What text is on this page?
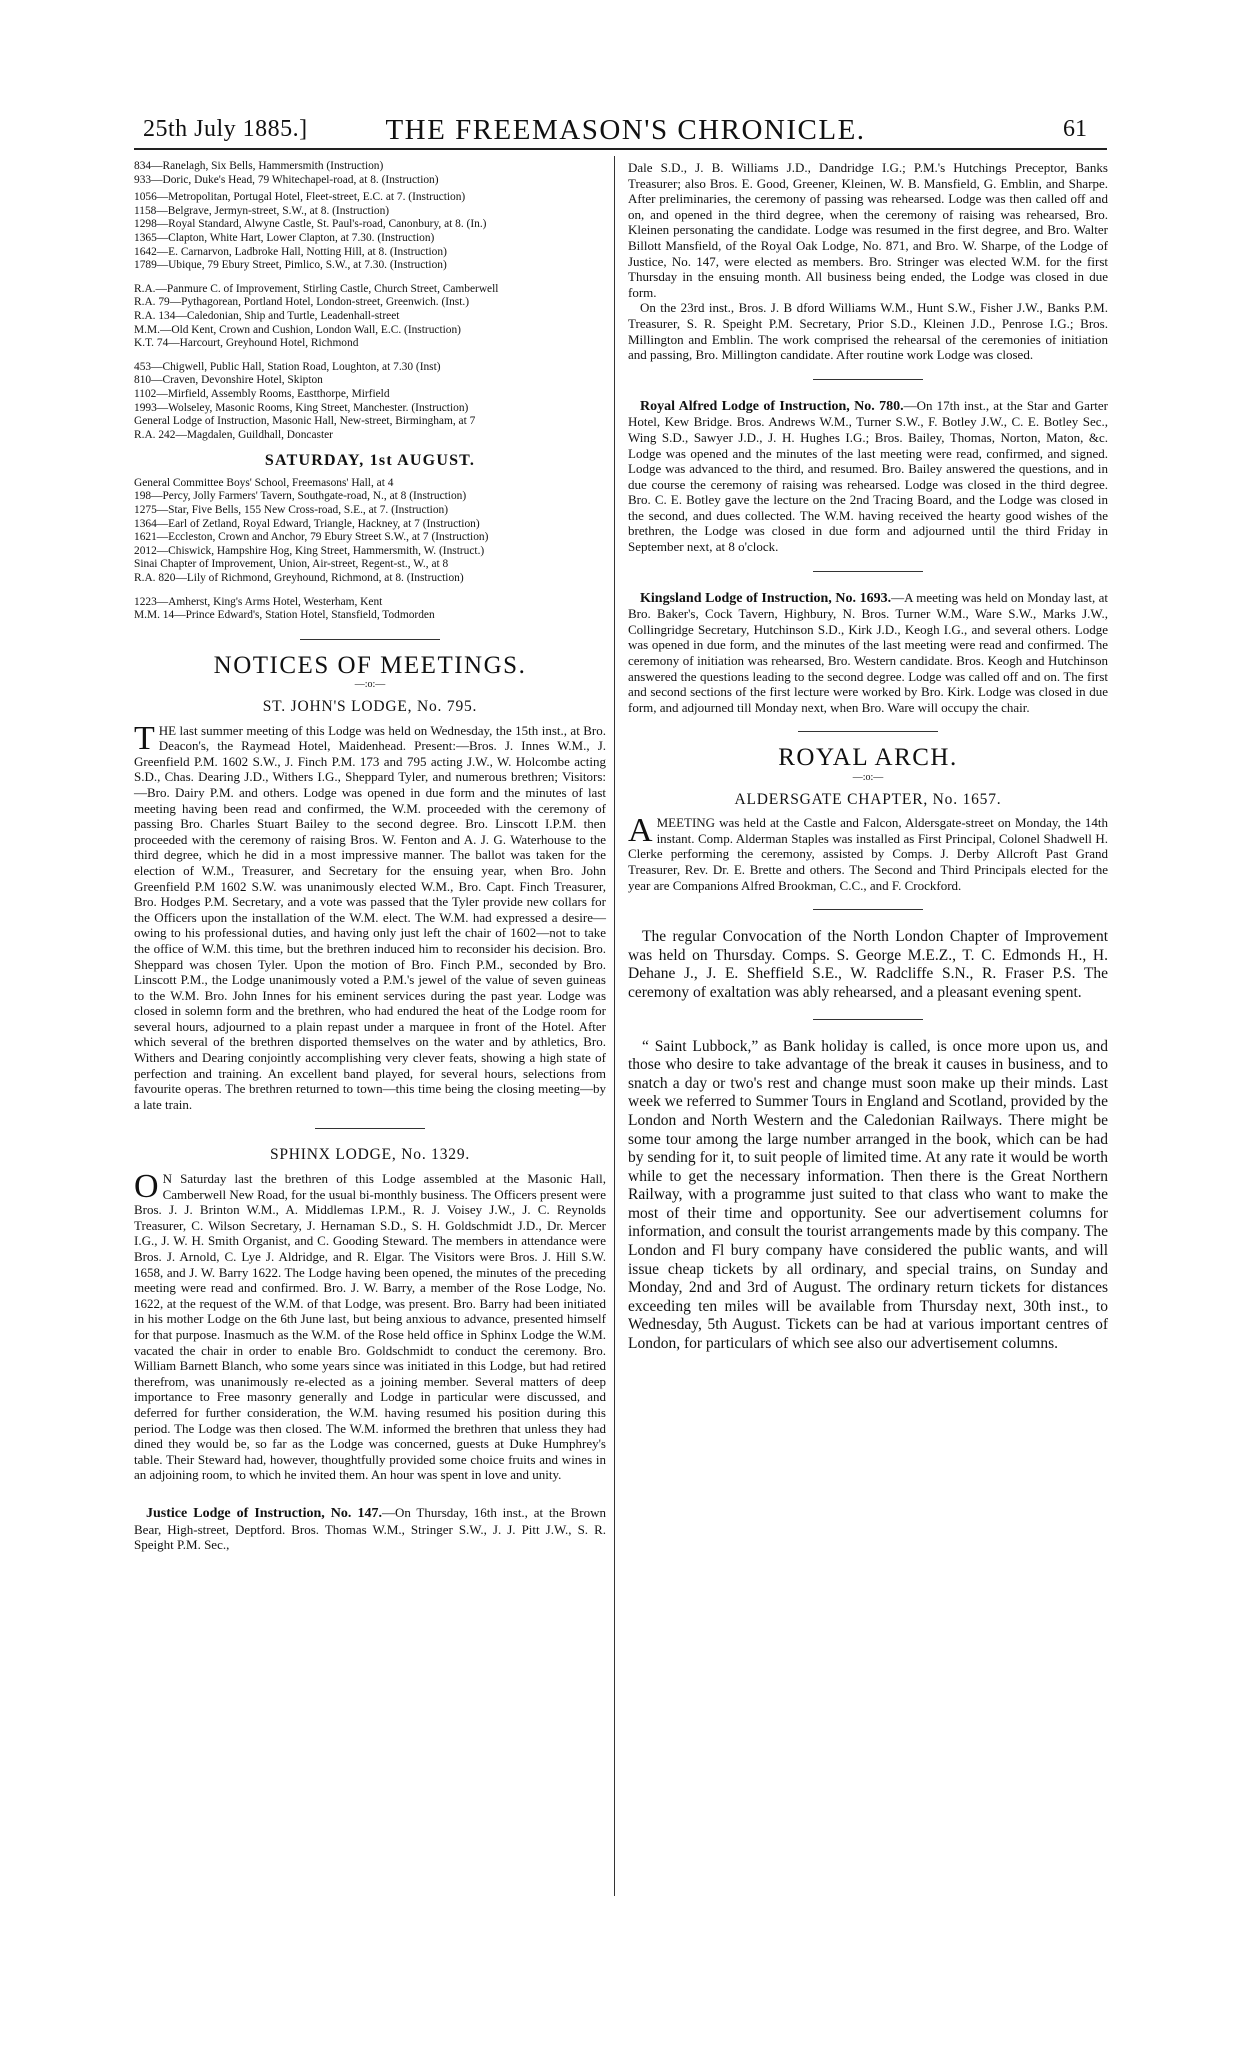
25th July 1885.]	THE FREEMASON'S CHRONICLE.	61
834—Ranelagh, Six Bells, Hammersmith (Instruction)
933—Doric, Duke's Head, 79 Whitechapel-road, at 8. (Instruction)
1056—Metropolitan, Portugal Hotel, Fleet-street, E.C. at 7. (Instruction)
1158—Belgrave, Jermyn-street, S.W., at 8. (Instruction)
1298—Royal Standard, Alwyne Castle, St. Paul's-road, Canonbury, at 8. (In.)
1365—Clapton, White Hart, Lower Clapton, at 7.30. (Instruction)
1642—E. Carnarvon, Ladbroke Hall, Notting Hill, at 8. (Instruction)
1789—Ubique, 79 Ebury Street, Pimlico, S.W., at 7.30. (Instruction)
R.A.—Panmure C. of Improvement, Stirling Castle, Church Street, Camberwell
R.A. 79—Pythagorean, Portland Hotel, London-street, Greenwich. (Inst.)
R.A. 134—Caledonian, Ship and Turtle, Leadenhall-street
M.M.—Old Kent, Crown and Cushion, London Wall, E.C. (Instruction)
K.T. 74—Harcourt, Greyhound Hotel, Richmond
453—Chigwell, Public Hall, Station Road, Loughton, at 7.30 (Inst)
810—Craven, Devonshire Hotel, Skipton
1102—Mirfield, Assembly Rooms, Eastthorpe, Mirfield
1993—Wolseley, Masonic Rooms, King Street, Manchester. (Instruction)
General Lodge of Instruction, Masonic Hall, New-street, Birmingham, at 7
R.A. 242—Magdalen, Guildhall, Doncaster
SATURDAY, 1st AUGUST.
General Committee Boys' School, Freemasons' Hall, at 4
198—Percy, Jolly Farmers' Tavern, Southgate-road, N., at 8 (Instruction)
1275—Star, Five Bells, 155 New Cross-road, S.E., at 7. (Instruction)
1364—Earl of Zetland, Royal Edward, Triangle, Hackney, at 7 (Instruction)
1621—Eccleston, Crown and Anchor, 79 Ebury Street S.W., at 7 (Instruction)
2012—Chiswick, Hampshire Hog, King Street, Hammersmith, W. (Instruct.)
Sinai Chapter of Improvement, Union, Air-street, Regent-st., W., at 8
R.A. 820—Lily of Richmond, Greyhound, Richmond, at 8. (Instruction)
1223—Amherst, King's Arms Hotel, Westerham, Kent
M.M. 14—Prince Edward's, Station Hotel, Stansfield, Todmorden
NOTICES OF MEETINGS.
—:o:—
ST. JOHN'S LODGE, No. 795.

THE last summer meeting of this Lodge was held on Wednesday, the 15th inst., at Bro. Deacon's, the Raymead Hotel, Maidenhead. Present:—Bros. J. Innes W.M., J. Greenfield P.M. 1602 S.W., J. Finch P.M. 173 and 795 acting J.W., W. Holcombe acting S.D., Chas. Dearing J.D., Withers I.G., Sheppard Tyler, and numerous brethren; Visitors:—Bro. Dairy P.M. and others. Lodge was opened in due form and the minutes of last meeting having been read and confirmed, the W.M. proceeded with the ceremony of passing Bro. Charles Stuart Bailey to the second degree. Bro. Linscott I.P.M. then proceeded with the ceremony of raising Bros. W. Fenton and A. J. G. Waterhouse to the third degree, which he did in a most impressive manner. The ballot was taken for the election of W.M., Treasurer, and Secretary for the ensuing year, when Bro. John Greenfield P.M 1602 S.W. was unanimously elected W.M., Bro. Capt. Finch Treasurer, Bro. Hodges P.M. Secretary, and a vote was passed that the Tyler provide new collars for the Officers upon the installation of the W.M. elect. The W.M. had expressed a desire—owing to his professional duties, and having only just left the chair of 1602—not to take the office of W.M. this time, but the brethren induced him to reconsider his decision. Bro. Sheppard was chosen Tyler. Upon the motion of Bro. Finch P.M., seconded by Bro. Linscott P.M., the Lodge unanimously voted a P.M.'s jewel of the value of seven guineas to the W.M. Bro. John Innes for his eminent services during the past year. Lodge was closed in solemn form and the brethren, who had endured the heat of the Lodge room for several hours, adjourned to a plain repast under a marquee in front of the Hotel. After which several of the brethren disported themselves on the water and by athletics, Bro. Withers and Dearing conjointly accomplishing very clever feats, showing a high state of perfection and training. An excellent band played, for several hours, selections from favourite operas. The brethren returned to town—this time being the closing meeting—by a late train.

SPHINX LODGE, No. 1329.

O N Saturday last the brethren of this Lodge assembled at the Masonic Hall, Camberwell New Road, for the usual bi-monthly business. The Officers present were Bros. J. J. Brinton W.M., A. Middlemas I.P.M., R. J. Voisey J.W., J. C. Reynolds Treasurer, C. Wilson Secretary, J. Hernaman S.D., S. H. Goldschmidt J.D., Dr. Mercer I.G., J. W. H. Smith Organist, and C. Gooding Steward. The members in attendance were Bros. J. Arnold, C. Lye J. Aldridge, and R. Elgar. The Visitors were Bros. J. Hill S.W. 1658, and J. W. Barry 1622. The Lodge having been opened, the minutes of the preceding meeting were read and confirmed. Bro. J. W. Barry, a member of the Rose Lodge, No. 1622, at the request of the W.M. of that Lodge, was present. Bro. Barry had been initiated in his mother Lodge on the 6th June last, but being anxious to advance, presented himself for that purpose. Inasmuch as the W.M. of the Rose held office in Sphinx Lodge the W.M. vacated the chair in order to enable Bro. Goldschmidt to conduct the ceremony. Bro. William Barnett Blanch, who some years since was initiated in this Lodge, but had retired therefrom, was unanimously re-elected as a joining member. Several matters of deep importance to Free masonry generally and Lodge in particular were discussed, and deferred for further consideration, the W.M. having resumed his position during this period. The Lodge was then closed. The W.M. informed the brethren that unless they had dined they would be, so far as the Lodge was concerned, guests at Duke Humphrey's table. Their Steward had, however, thoughtfully provided some choice fruits and wines in an adjoining room, to which he invited them. An hour was spent in love and unity.

Justice Lodge of Instruction, No. 147.—On Thursday, 16th inst., at the Brown Bear, High-street, Deptford. Bros. Thomas W.M., Stringer S.W., J. J. Pitt J.W., S. R. Speight P.M. Sec.,

Dale S.D., J. B. Williams J.D., Dandridge I.G.; P.M.'s Hutchings Preceptor, Banks Treasurer; also Bros. E. Good, Greener, Kleinen, W. B. Mansfield, G. Emblin, and Sharpe. After preliminaries, the ceremony of passing was rehearsed. Lodge was then called off and on, and opened in the third degree, when the ceremony of raising was rehearsed, Bro. Kleinen personating the candidate. Lodge was resumed in the first degree, and Bro. Walter Billott Mansfield, of the Royal Oak Lodge, No. 871, and Bro. W. Sharpe, of the Lodge of Justice, No. 147, were elected as members. Bro. Stringer was elected W.M. for the first Thursday in the ensuing month. All business being ended, the Lodge was closed in due form.

On the 23rd inst., Bros. J. B dford Williams W.M., Hunt S.W., Fisher J.W., Banks P.M. Treasurer, S. R. Speight P.M. Secretary, Prior S.D., Kleinen J.D., Penrose I.G.; Bros. Millington and Emblin. The work comprised the rehearsal of the ceremonies of initiation and passing, Bro. Millington candidate. After routine work Lodge was closed.

Royal Alfred Lodge of Instruction, No. 780.—On 17th inst., at the Star and Garter Hotel, Kew Bridge. Bros. Andrews W.M., Turner S.W., F. Botley J.W., C. E. Botley Sec., Wing S.D., Sawyer J.D., J. H. Hughes I.G.; Bros. Bailey, Thomas, Norton, Maton, &c. Lodge was opened and the minutes of the last meeting were read, confirmed, and signed. Lodge was advanced to the third, and resumed. Bro. Bailey answered the questions, and in due course the ceremony of raising was rehearsed. Lodge was closed in the third degree. Bro. C. E. Botley gave the lecture on the 2nd Tracing Board, and the Lodge was closed in the second, and dues collected. The W.M. having received the hearty good wishes of the brethren, the Lodge was closed in due form and adjourned until the third Friday in September next, at 8 o'clock.

Kingsland Lodge of Instruction, No. 1693.—A meeting was held on Monday last, at Bro. Baker's, Cock Tavern, Highbury, N. Bros. Turner W.M., Ware S.W., Marks J.W., Collingridge Secretary, Hutchinson S.D., Kirk J.D., Keogh I.G., and several others. Lodge was opened in due form, and the minutes of the last meeting were read and confirmed. The ceremony of initiation was rehearsed, Bro. Western candidate. Bros. Keogh and Hutchinson answered the questions leading to the second degree. Lodge was called off and on. The first and second sections of the first lecture were worked by Bro. Kirk. Lodge was closed in due form, and adjourned till Monday next, when Bro. Ware will occupy the chair.

ROYAL ARCH.
—:o:—
ALDERSGATE CHAPTER, No. 1657.

AMEETING was held at the Castle and Falcon, Aldersgate-street on Monday, the 14th instant. Comp. Alderman Staples was installed as First Principal, Colonel Shadwell H. Clerke performing the ceremony, assisted by Comps. J. Derby Allcroft Past Grand Treasurer, Rev. Dr. E. Brette and others. The Second and Third Principals elected for the year are Companions Alfred Brookman, C.C., and F. Crockford.

The regular Convocation of the North London Chapter of Improvement was held on Thursday. Comps. S. George M.E.Z., T. C. Edmonds H., H. Dehane J., J. E. Sheffield S.E., W. Radcliffe S.N., R. Fraser P.S. The ceremony of exaltation was ably rehearsed, and a pleasant evening spent.

“ Saint Lubbock,” as Bank holiday is called, is once more upon us, and those who desire to take advantage of the break it causes in business, and to snatch a day or two's rest and change must soon make up their minds. Last week we referred to Summer Tours in England and Scotland, provided by the London and North Western and the Caledonian Railways. There might be some tour among the large number arranged in the book, which can be had by sending for it, to suit people of limited time. At any rate it would be worth while to get the necessary information. Then there is the Great Northern Railway, with a programme just suited to that class who want to make the most of their time and opportunity. See our advertisement columns for information, and consult the tourist arrangements made by this company. The London and Fl bury company have considered the public wants, and will issue cheap tickets by all ordinary, and special trains, on Sunday and Monday, 2nd and 3rd of August. The ordinary return tickets for distances exceeding ten miles will be available from Thursday next, 30th inst., to Wednesday, 5th August. Tickets can be had at various important centres of London, for particulars of which see also our advertisement columns.
